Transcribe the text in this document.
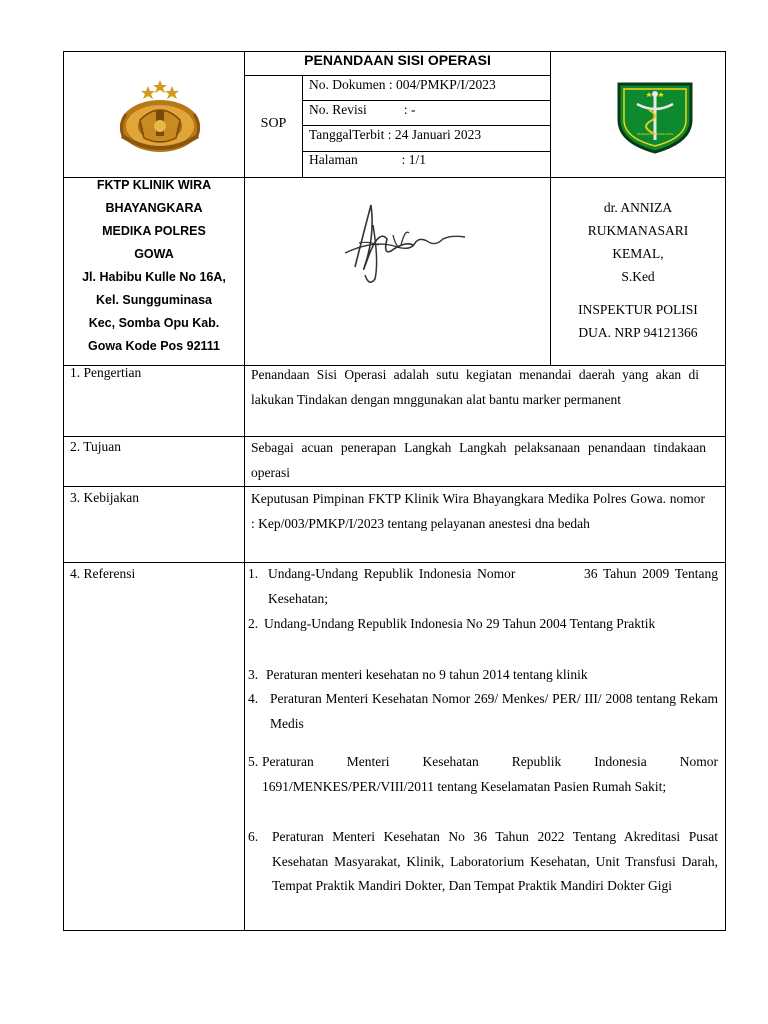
PENANDAAN SISI OPERASI
SOP
No. Dokumen : 004/PMKP/I/2023
No. Revisi           : -
TanggalTerbit : 24 Januari 2023
Halaman             : 1/1
KESEHATAN KESEHATAN
FKTP KLINIK WIRA
BHAYANGKARA
MEDIKA POLRES
GOWA
Jl. Habibu Kulle No 16A,
Kel. Sungguminasa
Kec, Somba Opu Kab.
Gowa Kode Pos 92111
dr. ANNIZA
RUKMANASARI
KEMAL,
S.Ked
INSPEKTUR POLISI
DUA. NRP 94121366
1. Pengertian	Penandaan Sisi Operasi adalah sutu kegiatan menandai daerah yang akan di lakukan Tindakan dengan mnggunakan alat bantu marker permanent
2. Tujuan	Sebagai acuan penerapan Langkah Langkah pelaksanaan penandaan tindakaan operasi
3. Kebijakan	Keputusan Pimpinan FKTP Klinik Wira Bhayangkara Medika Polres Gowa. nomor : Kep/003/PMKP/I/2023 tentang pelayanan anestesi dna bedah
4. Referensi	1. Undang-Undang Republik Indonesia Nomor            36 Tahun 2009 Tentang Kesehatan;
2. Undang-Undang Republik Indonesia No 29 Tahun 2004 Tentang Praktik
3. Peraturan menteri kesehatan no 9 tahun 2014 tentang klinik
4. Peraturan Menteri Kesehatan Nomor 269/ Menkes/ PER/ III/ 2008 tentang Rekam Medis
5. Peraturan Menteri Kesehatan Republik Indonesia Nomor 1691/MENKES/PER/VIII/2011 tentang Keselamatan Pasien Rumah Sakit;
6.	Peraturan Menteri Kesehatan No 36 Tahun 2022 Tentang Akreditasi Pusat Kesehatan Masyarakat, Klinik, Laboratorium Kesehatan, Unit Transfusi Darah, Tempat Praktik Mandiri Dokter, Dan Tempat Praktik Mandiri Dokter Gigi
